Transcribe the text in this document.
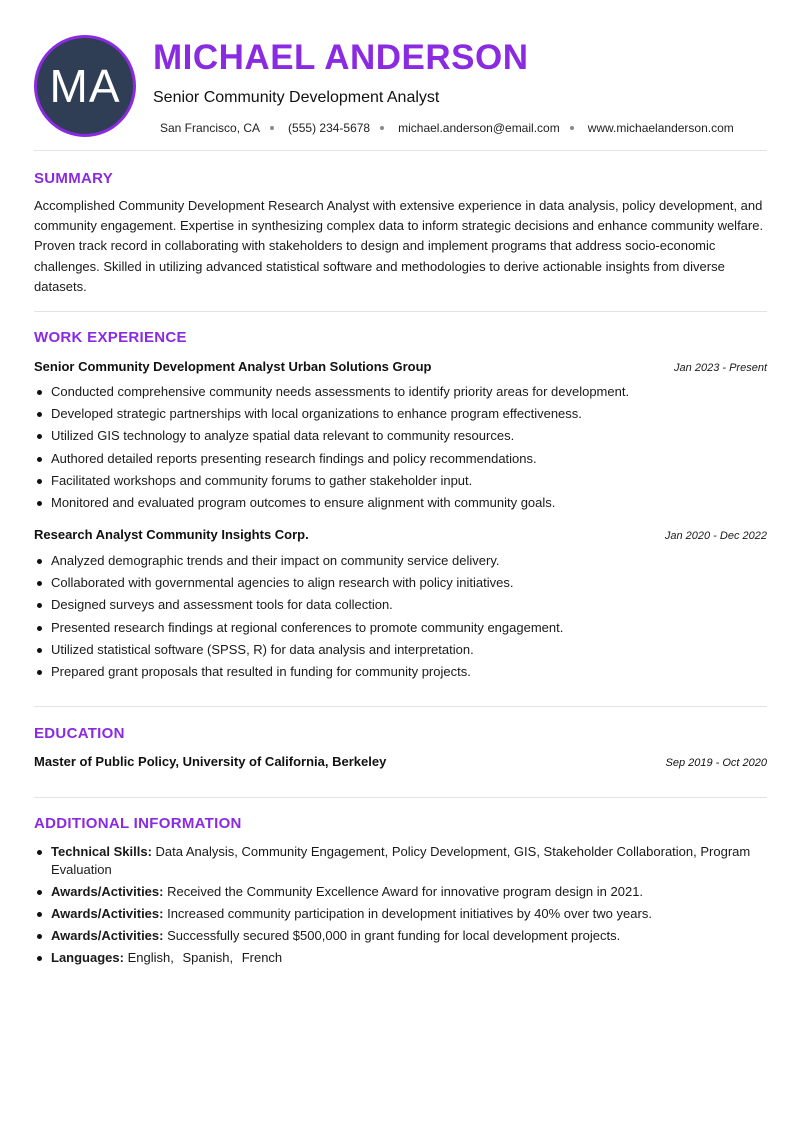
MA
MICHAEL ANDERSON
Senior Community Development Analyst
San Francisco, CA (555) 234-5678 michael.anderson@email.com www.michaelanderson.com
SUMMARY
Accomplished Community Development Research Analyst with extensive experience in data analysis, policy development, and community engagement. Expertise in synthesizing complex data to inform strategic decisions and enhance community welfare. Proven track record in collaborating with stakeholders to design and implement programs that address socio-economic challenges. Skilled in utilizing advanced statistical software and methodologies to derive actionable insights from diverse datasets.
WORK EXPERIENCE
Senior Community Development Analyst Urban Solutions Group	Jan 2023 - Present
Conducted comprehensive community needs assessments to identify priority areas for development.
Developed strategic partnerships with local organizations to enhance program effectiveness.
Utilized GIS technology to analyze spatial data relevant to community resources.
Authored detailed reports presenting research findings and policy recommendations.
Facilitated workshops and community forums to gather stakeholder input.
Monitored and evaluated program outcomes to ensure alignment with community goals.
Research Analyst Community Insights Corp.	Jan 2020 - Dec 2022
Analyzed demographic trends and their impact on community service delivery.
Collaborated with governmental agencies to align research with policy initiatives.
Designed surveys and assessment tools for data collection.
Presented research findings at regional conferences to promote community engagement.
Utilized statistical software (SPSS, R) for data analysis and interpretation.
Prepared grant proposals that resulted in funding for community projects.
EDUCATION
Master of Public Policy, University of California, Berkeley	Sep 2019 - Oct 2020
ADDITIONAL INFORMATION
Technical Skills: Data Analysis, Community Engagement, Policy Development, GIS, Stakeholder Collaboration, Program Evaluation
Awards/Activities: Received the Community Excellence Award for innovative program design in 2021.
Awards/Activities: Increased community participation in development initiatives by 40% over two years.
Awards/Activities: Successfully secured $500,000 in grant funding for local development projects.
Languages: English, Spanish, French
